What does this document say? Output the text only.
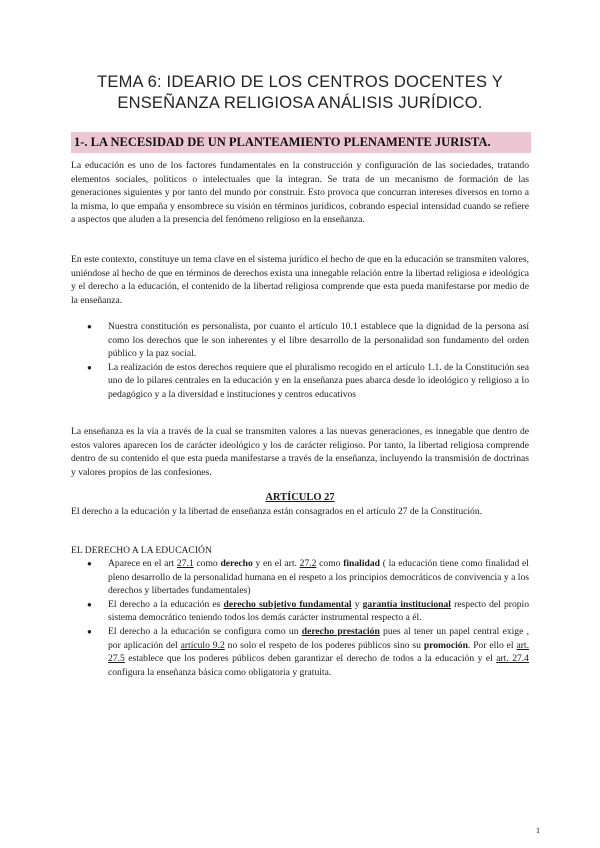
TEMA 6: IDEARIO DE LOS CENTROS DOCENTES Y
ENSEÑANZA RELIGIOSA ANÁLISIS JURÍDICO.
1-. LA NECESIDAD DE UN PLANTEAMIENTO PLENAMENTE JURISTA.

La educación es uno de los factores fundamentales en la construcción y configuración de las sociedades, tratando elementos sociales, políticos o intelectuales que la integran. Se trata de un mecanismo de formación de las generaciones siguientes y por tanto del mundo por construir. Esto provoca que concurran intereses diversos en torno a la misma, lo que empaña y ensombrece su visión en términos jurídicos, cobrando especial intensidad cuando se refiere a aspectos que aluden a la presencia del fenómeno religioso en la enseñanza.

En este contexto, constituye un tema clave en el sistema jurídico el hecho de que en la educación se transmiten valores, uniéndose al hecho de que en términos de derechos exista una innegable relación entre la libertad religiosa e ideológica y el derecho a la educación, el contenido de la libertad religiosa comprende que esta pueda manifestarse por medio de la enseñanza.

● Nuestra constitución es personalista, por cuanto el artículo 10.1 establece que la dignidad de la persona así como los derechos que le son inherentes y el libre desarrollo de la personalidad son fundamento del orden público y la paz social.
● La realización de estos derechos requiere que el pluralismo recogido en el artículo 1.1. de la Constitución sea uno de lo pilares centrales en la educación y en la enseñanza pues abarca desde lo ideológico y religioso a lo pedagógico y a la diversidad e instituciones y centros educativos

La enseñanza es la vía a través de la cual se transmiten valores a las nuevas generaciones, es innegable que dentro de estos valores aparecen los de carácter ideológico y los de carácter religioso. Por tanto, la libertad religiosa comprende dentro de su contenido el que esta pueda manifestarse a través de la enseñanza, incluyendo la transmisión de doctrinas y valores propios de las confesiones.

ARTÍCULO 27

El derecho a la educación y la libertad de enseñanza están consagrados en el artículo 27 de la Constitución.

EL DERECHO A LA EDUCACIÓN
● Aparece en el art 27.1 como derecho y en el art. 27.2 como finalidad ( la educación tiene como finalidad el pleno desarrollo de la personalidad humana en el respeto a los principios democráticos de convivencia y a los derechos y libertades fundamentales)
● El derecho a la educación es derecho subjetivo fundamental y garantía institucional respecto del propio sistema democrático teniendo todos los demás carácter instrumental respecto a él.
● El derecho a la educación se configura como un derecho prestación pues al tener un papel central exige , por aplicación del artículo 9.2 no solo el respeto de los poderes públicos sino su promoción. Por ello el art. 27.5 establece que los poderes públicos deben garantizar el derecho de todos a la educación y el art. 27.4 configura la enseñanza básica como obligatoria y gratuita.
1
